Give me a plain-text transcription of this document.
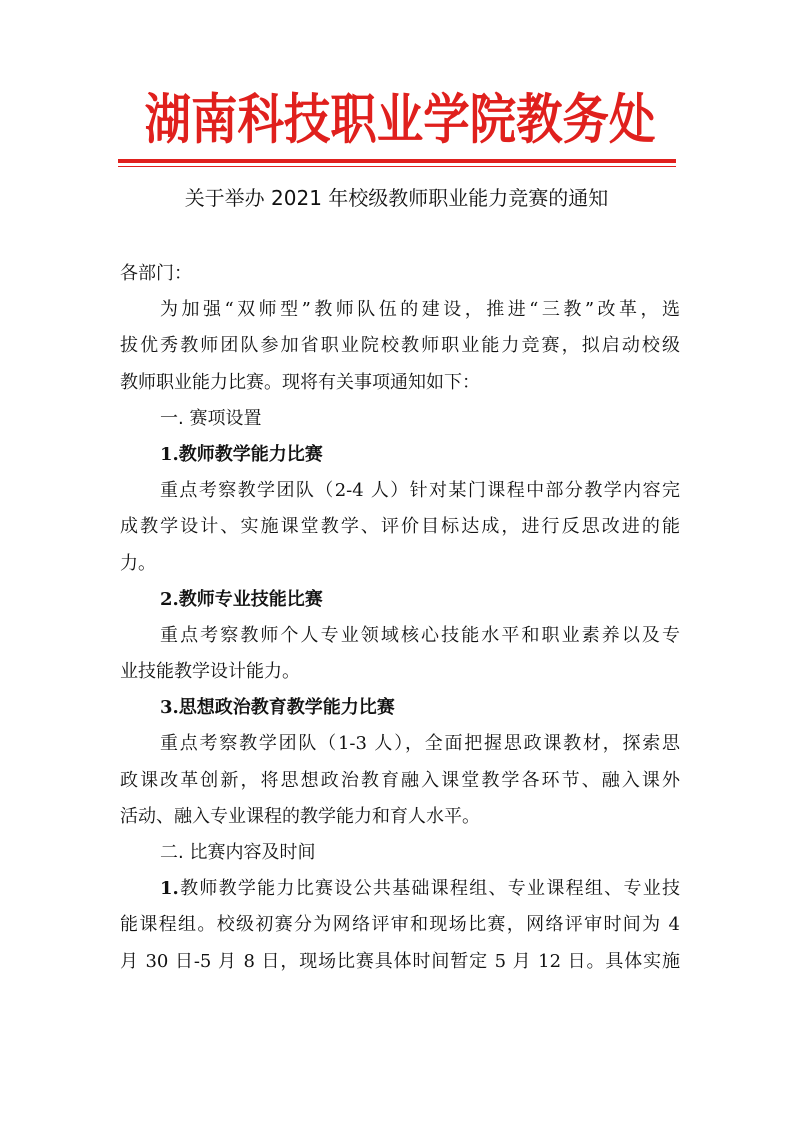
湖南科技职业学院教务处
关于举办 2021 年校级教师职业能力竞赛的通知
各部门：
为加强“双师型”教师队伍的建设，推进“三教”改革，选
拔优秀教师团队参加省职业院校教师职业能力竞赛，拟启动校级
教师职业能力比赛。现将有关事项通知如下：
一. 赛项设置
1.教师教学能力比赛
重点考察教学团队（2-4 人）针对某门课程中部分教学内容完
成教学设计、实施课堂教学、评价目标达成，进行反思改进的能
力。
2.教师专业技能比赛
重点考察教师个人专业领域核心技能水平和职业素养以及专
业技能教学设计能力。
3.思想政治教育教学能力比赛
重点考察教学团队（1-3 人），全面把握思政课教材，探索思
政课改革创新，将思想政治教育融入课堂教学各环节、融入课外
活动、融入专业课程的教学能力和育人水平。
二. 比赛内容及时间
1.教师教学能力比赛设公共基础课程组、专业课程组、专业技
能课程组。校级初赛分为网络评审和现场比赛，网络评审时间为 4
月 30 日-5 月 8 日，现场比赛具体时间暂定 5 月 12 日。具体实施
